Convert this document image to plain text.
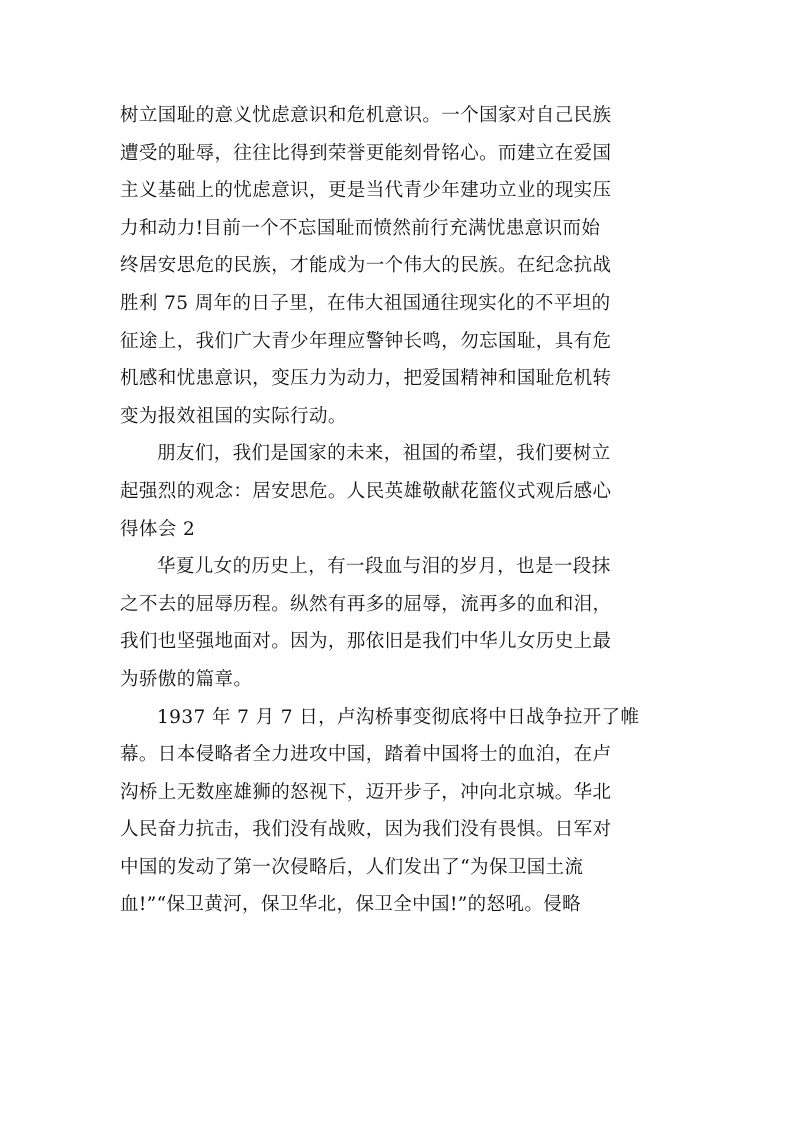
树立国耻的意义忧虑意识和危机意识。一个国家对自己民族
遭受的耻辱，往往比得到荣誉更能刻骨铭心。而建立在爱国
主义基础上的忧虑意识，更是当代青少年建功立业的现实压
力和动力!目前一个不忘国耻而愤然前行充满忧患意识而始
终居安思危的民族，才能成为一个伟大的民族。在纪念抗战
胜利 75 周年的日子里，在伟大祖国通往现实化的不平坦的
征途上，我们广大青少年理应警钟长鸣，勿忘国耻，具有危
机感和忧患意识，变压力为动力，把爱国精神和国耻危机转
变为报效祖国的实际行动。
朋友们，我们是国家的未来，祖国的希望，我们要树立
起强烈的观念：居安思危。人民英雄敬献花篮仪式观后感心
得体会 2
华夏儿女的历史上，有一段血与泪的岁月，也是一段抹
之不去的屈辱历程。纵然有再多的屈辱，流再多的血和泪，
我们也坚强地面对。因为，那依旧是我们中华儿女历史上最
为骄傲的篇章。
1937 年 7 月 7 日，卢沟桥事变彻底将中日战争拉开了帷
幕。日本侵略者全力进攻中国，踏着中国将士的血泊，在卢
沟桥上无数座雄狮的怒视下，迈开步子，冲向北京城。华北
人民奋力抗击，我们没有战败，因为我们没有畏惧。日军对
中国的发动了第一次侵略后，人们发出了“为保卫国土流
血!”“保卫黄河，保卫华北，保卫全中国!”的怒吼。侵略
